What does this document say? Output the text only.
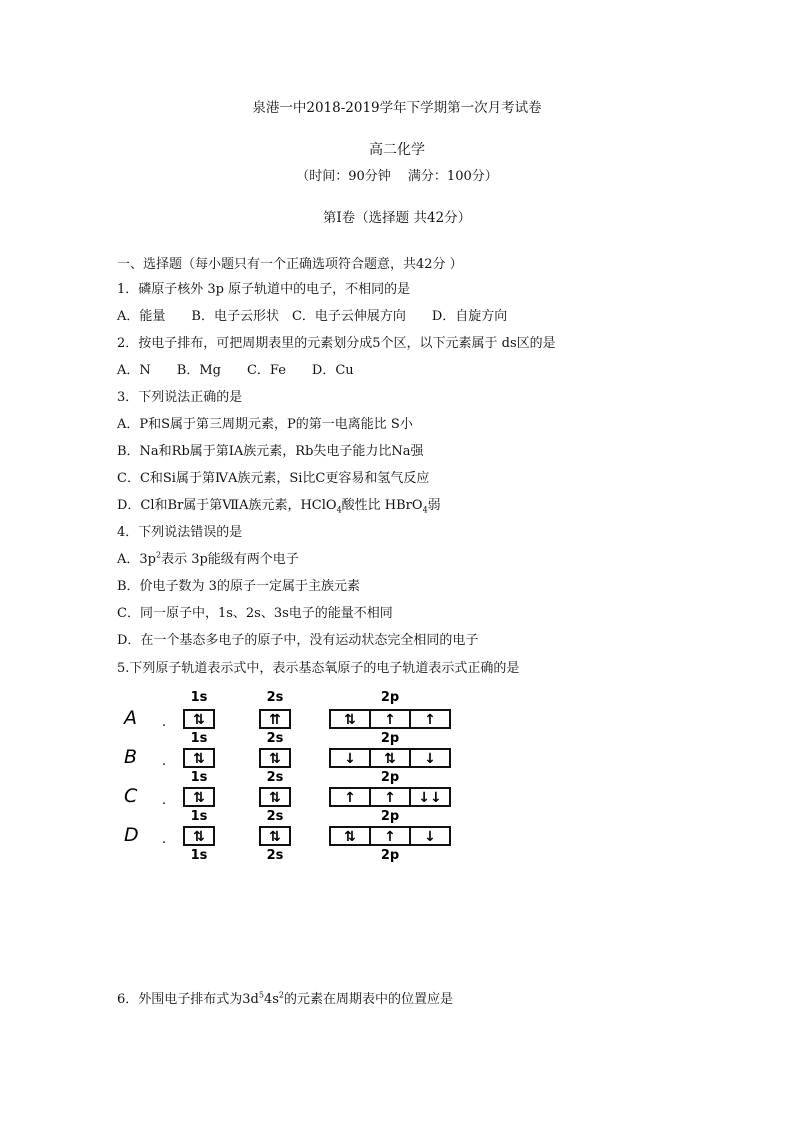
泉港一中2018-2019学年下学期第一次月考试卷
高二化学
（时间：90分钟　 满分：100分）
第Ⅰ卷（选择题 共42分）
一、选择题（每小题只有一个正确选项符合题意，共42分 ）
1．磷原子核外 3p 原子轨道中的电子，不相同的是
A．能量　　B．电子云形状　C．电子云伸展方向　　D．自旋方向
2．按电子排布，可把周期表里的元素划分成5个区，以下元素属于 ds区的是
A．N　　B．Mg　　C．Fe　　D．Cu
3．下列说法正确的是
A．P和S属于第三周期元素，P的第一电离能比 S小
B．Na和Rb属于第ⅠA族元素，Rb失电子能力比Na强
C．C和Si属于第ⅣA族元素，Si比C更容易和氢气反应
D．Cl和Br属于第ⅦA族元素，HClO$_4$酸性比 HBrO$_4$弱
4．下列说法错误的是
A．$3p^2$表示 3p能级有两个电子
B．价电子数为 3的原子一定属于主族元素
C．同一原子中，1s、2s、3s电子的能量不相同
D．在一个基态多电子的原子中，没有运动状态完全相同的电子
5.下列原子轨道表示式中，表示基态氧原子的电子轨道表示式正确的是
1s	2s	2p
A . ⇅	⇈	⇅ ↑ ↑
1s	2s	2p
B . ⇅	⇅	↓ ⇅ ↓
1s	2s	2p
C . ⇅	⇅	↑ ↑ ↓↓
1s	2s	2p
D . ⇅	⇅	⇅ ↑ ↓
1s	2s	2p
6．外围电子排布式为$3d^54s^2$的元素在周期表中的位置应是
